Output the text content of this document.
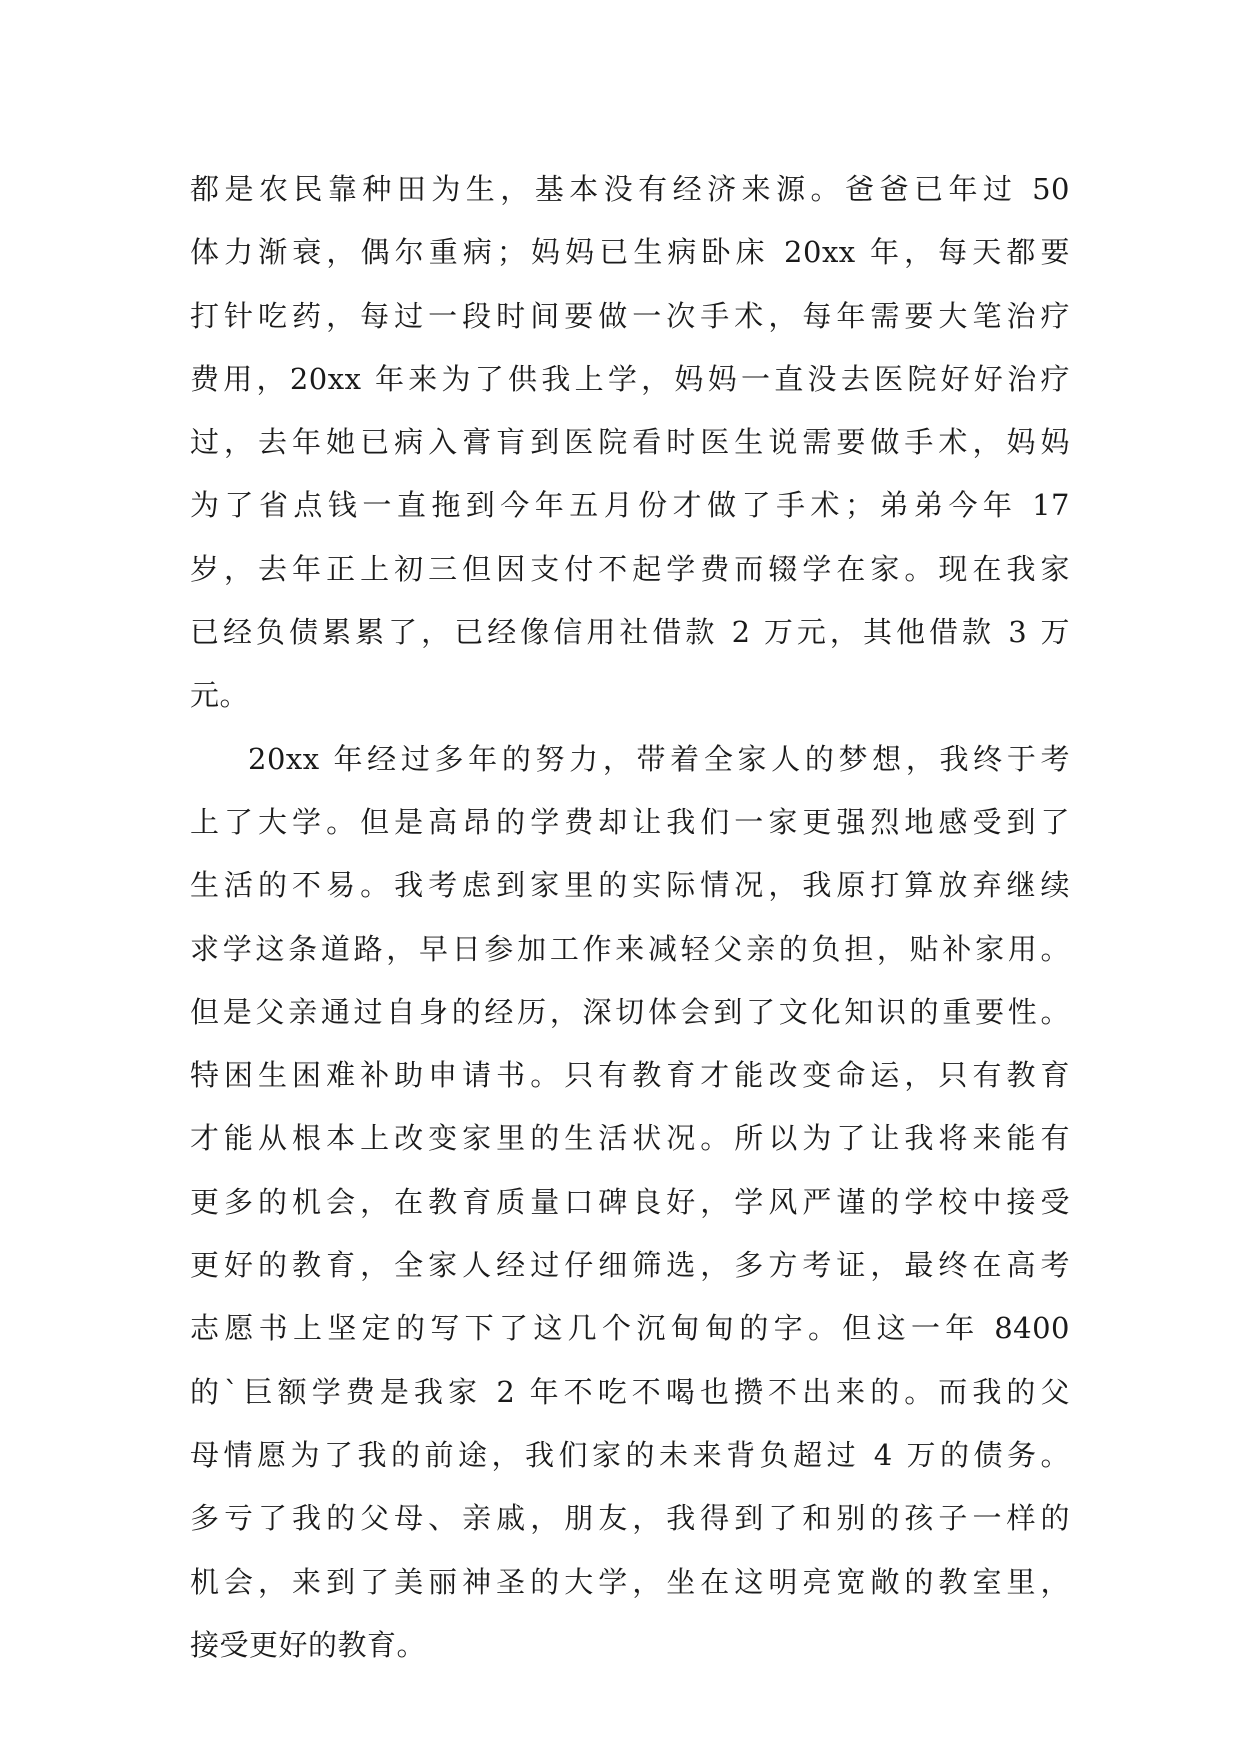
都是农民靠种田为生，基本没有经济来源。爸爸已年过 50
体力渐衰，偶尔重病；妈妈已生病卧床 20xx 年，每天都要
打针吃药，每过一段时间要做一次手术，每年需要大笔治疗
费用，20xx 年来为了供我上学，妈妈一直没去医院好好治疗
过，去年她已病入膏肓到医院看时医生说需要做手术，妈妈
为了省点钱一直拖到今年五月份才做了手术；弟弟今年 17
岁，去年正上初三但因支付不起学费而辍学在家。现在我家
已经负债累累了，已经像信用社借款 2 万元，其他借款 3 万
元。
20xx 年经过多年的努力，带着全家人的梦想，我终于考
上了大学。但是高昂的学费却让我们一家更强烈地感受到了
生活的不易。我考虑到家里的实际情况，我原打算放弃继续
求学这条道路，早日参加工作来减轻父亲的负担，贴补家用。
但是父亲通过自身的经历，深切体会到了文化知识的重要性。
特困生困难补助申请书。只有教育才能改变命运，只有教育
才能从根本上改变家里的生活状况。所以为了让我将来能有
更多的机会，在教育质量口碑良好，学风严谨的学校中接受
更好的教育，全家人经过仔细筛选，多方考证，最终在高考
志愿书上坚定的写下了这几个沉甸甸的字。但这一年 8400
的`巨额学费是我家 2 年不吃不喝也攒不出来的。而我的父
母情愿为了我的前途，我们家的未来背负超过 4 万的债务。
多亏了我的父母、亲戚，朋友，我得到了和别的孩子一样的
机会，来到了美丽神圣的大学，坐在这明亮宽敞的教室里，
接受更好的教育。
